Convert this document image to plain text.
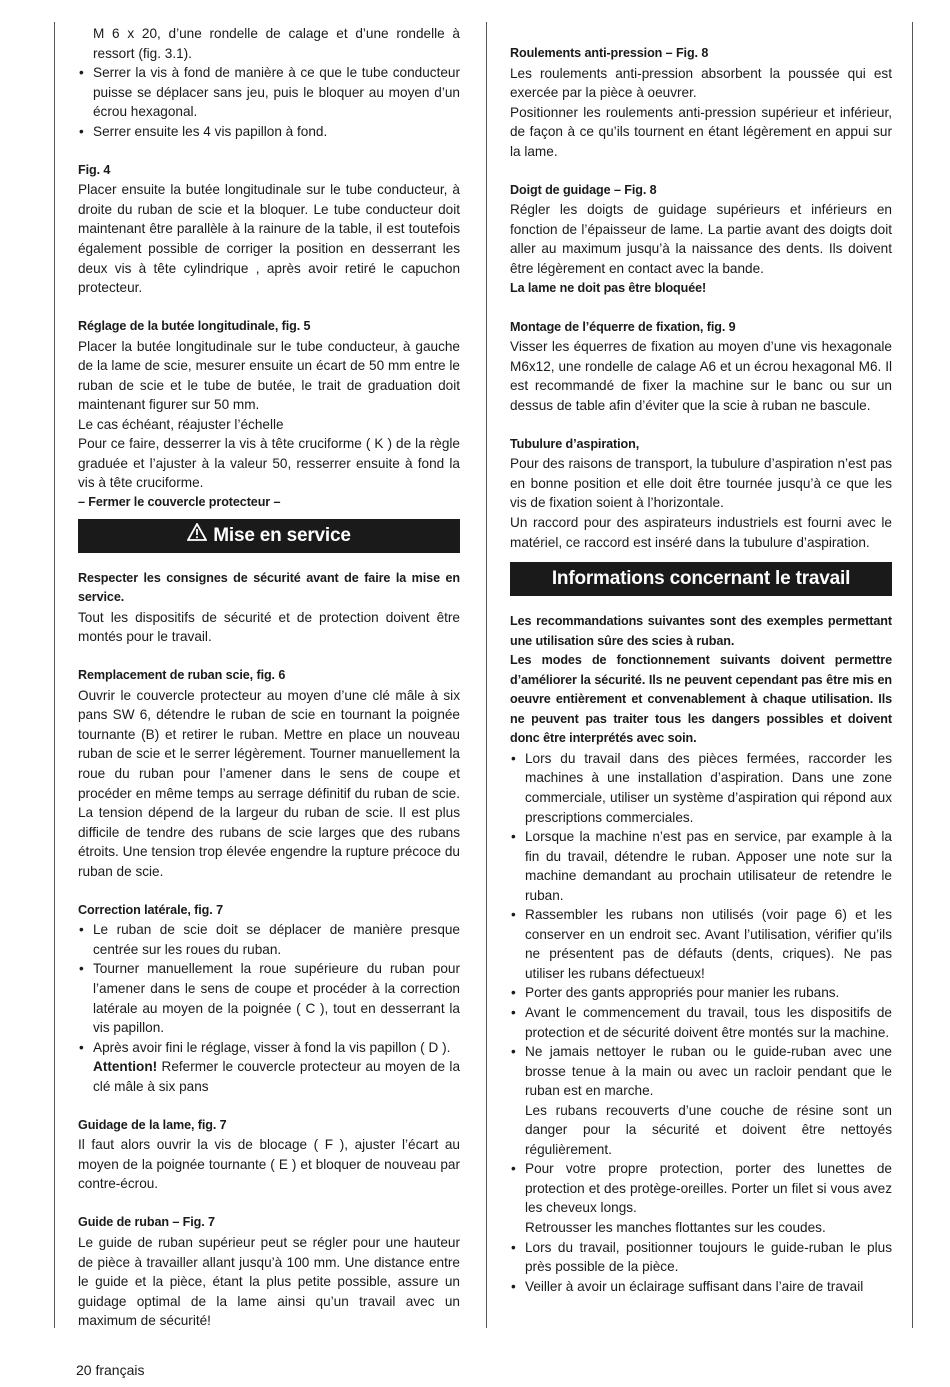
M 6 x 20, d’une rondelle de calage et d’une rondelle à ressort (fig. 3.1).

• Serrer la vis à fond de manière à ce que le tube conducteur puisse se déplacer sans jeu, puis le bloquer au moyen d’un écrou hexagonal.
• Serrer ensuite les 4 vis papillon à fond.

Fig. 4

Placer ensuite la butée longitudinale sur le tube conducteur, à droite du ruban de scie et la bloquer. Le tube conducteur doit maintenant être parallèle à la rainure de la table, il est toutefois également possible de corriger la position en desserrant les deux vis à tête cylindrique , après avoir retiré le capuchon protecteur.

Réglage de la butée longitudinale, fig. 5

Placer la butée longitudinale sur le tube conducteur, à gauche de la lame de scie, mesurer ensuite un écart de 50 mm entre le ruban de scie et le tube de butée, le trait de graduation doit maintenant figurer sur 50 mm.

Le cas échéant, réajuster l’échelle

Pour ce faire, desserrer la vis à tête cruciforme ( K ) de la règle graduée et l’ajuster à la valeur 50, resserrer ensuite à fond la vis à tête cruciforme.

– Fermer le couvercle protecteur –

Mise en service

Respecter les consignes de sécurité avant de faire la mise en service.

Tout les dispositifs de sécurité et de protection doivent être montés pour le travail.

Remplacement de ruban scie, fig. 6

Ouvrir le couvercle protecteur au moyen d’une clé mâle à six pans SW 6, détendre le ruban de scie en tournant la poignée tournante (B) et retirer le ruban. Mettre en place un nouveau ruban de scie et le serrer légèrement. Tourner manuellement la roue du ruban pour l’amener dans le sens de coupe et procéder en même temps au serrage définitif du ruban de scie. La tension dépend de la largeur du ruban de scie. Il est plus difficile de tendre des rubans de scie larges que des rubans étroits. Une tension trop élevée engendre la rupture précoce du ruban de scie.

Correction latérale, fig. 7

• Le ruban de scie doit se déplacer de manière presque centrée sur les roues du ruban.
• Tourner manuellement la roue supérieure du ruban pour l’amener dans le sens de coupe et procéder à la correction latérale au moyen de la poignée ( C ), tout en desserrant la vis papillon.
• Après avoir fini le réglage, visser à fond la vis papillon ( D ).

Attention! Refermer le couvercle protecteur au moyen de la clé mâle à six pans

Guidage de la lame, fig. 7

Il faut alors ouvrir la vis de blocage ( F ), ajuster l’écart au moyen de la poignée tournante ( E ) et bloquer de nouveau par contre-écrou.

Guide de ruban – Fig. 7

Le guide de ruban supérieur peut se régler pour une hauteur de pièce à travailler allant jusqu’à 100 mm. Une distance entre le guide et la pièce, étant la plus petite possible, assure un guidage optimal de la lame ainsi qu’un travail avec un maximum de sécurité!

Roulements anti-pression – Fig. 8

Les roulements anti-pression absorbent la poussée qui est exercée par la pièce à oeuvrer.

Positionner les roulements anti-pression supérieur et inférieur, de façon à ce qu’ils tournent en étant légèrement en appui sur la lame.

Doigt de guidage – Fig. 8

Régler les doigts de guidage supérieurs et inférieurs en fonction de l’épaisseur de lame. La partie avant des doigts doit aller au maximum jusqu’à la naissance des dents. Ils doivent être légèrement en contact avec la bande.

La lame ne doit pas être bloquée!

Montage de l’équerre de fixation, fig. 9

Visser les équerres de fixation au moyen d’une vis hexagonale M6x12, une rondelle de calage A6 et un écrou hexagonal M6. Il est recommandé de fixer la machine sur le banc ou sur un dessus de table afin d’éviter que la scie à ruban ne bascule.

Tubulure d’aspiration,

Pour des raisons de transport, la tubulure d’aspiration n’est pas en bonne position et elle doit être tournée jusqu’à ce que les vis de fixation soient à l’horizontale.

Un raccord pour des aspirateurs industriels est fourni avec le matériel, ce raccord est inséré dans la tubulure d’aspiration.

Informations concernant le travail

Les recommandations suivantes sont des exemples permettant une utilisation sûre des scies à ruban.

Les modes de fonctionnement suivants doivent permettre d’améliorer la sécurité. Ils ne peuvent cependant pas être mis en oeuvre entièrement et convenablement à chaque utilisation. Ils ne peuvent pas traiter tous les dangers possibles et doivent donc être interprétés avec soin.

• Lors du travail dans des pièces fermées, raccorder les machines à une installation d’aspiration. Dans une zone commerciale, utiliser un système d’aspiration qui répond aux prescriptions commerciales.
• Lorsque la machine n’est pas en service, par example à la fin du travail, détendre le ruban. Apposer une note sur la machine demandant au prochain utilisateur de retendre le ruban.
• Rassembler les rubans non utilisés (voir page 6) et les conserver en un endroit sec. Avant l’utilisation, vérifier qu’ils ne présentent pas de défauts (dents, criques). Ne pas utiliser les rubans défectueux!
• Porter des gants appropriés pour manier les rubans.
• Avant le commencement du travail, tous les dispositifs de protection et de sécurité doivent être montés sur la machine.
• Ne jamais nettoyer le ruban ou le guide-ruban avec une brosse tenue à la main ou avec un racloir pendant que le ruban est en marche.

Les rubans recouverts d’une couche de résine sont un danger pour la sécurité et doivent être nettoyés régulièrement.

• Pour votre propre protection, porter des lunettes de protection et des protège-oreilles. Porter un filet si vous avez les cheveux longs.

Retrousser les manches flottantes sur les coudes.

• Lors du travail, positionner toujours le guide-ruban le plus près possible de la pièce.
• Veiller à avoir un éclairage suffisant dans l’aire de travail
20 français
